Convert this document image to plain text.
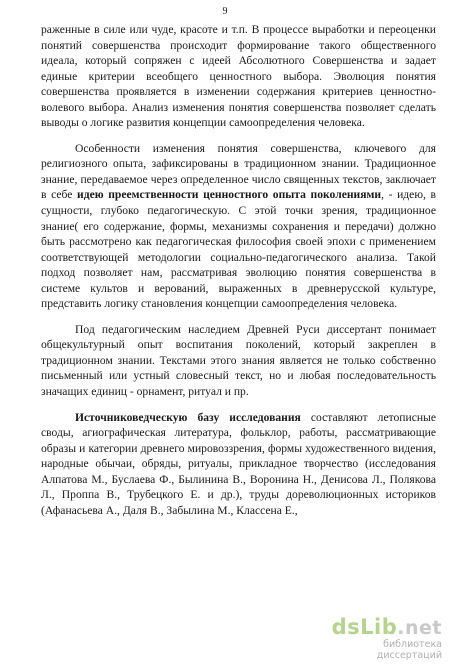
9

раженные в силе или чуде, красоте и т.п. В процессе выработки и переоценки понятий совершенства происходит формирование такого общественного идеала, который сопряжен с идеей Абсолютного Совершенства и задает единые критерии всеобщего ценностного выбора. Эволюция понятия совершенства проявляется в изменении содержания критериев ценностно-волевого выбора. Анализ изменения понятия совершенства позволяет сделать выводы о логике развития концепции самоопределения человека.

Особенности изменения понятия совершенства, ключевого для религиозного опыта, зафиксированы в традиционном знании. Традиционное знание, передаваемое через определенное число священных текстов, заключает в себе идею преемственности ценностного опыта поколениями, - идею, в сущности, глубоко педагогическую. С этой точки зрения, традиционное знание( его содержание, формы, механизмы сохранения и передачи) должно быть рассмотрено как педагогическая философия своей эпохи с применением соответствующей методологии социально-педагогического анализа. Такой подход позволяет нам, рассматривая эволюцию понятия совершенства в системе культов и верований, выраженных в древнерусской культуре, представить логику становления концепции самоопределения человека.

Под педагогическим наследием Древней Руси диссертант понимает общекультурный опыт воспитания поколений, который закреплен в традиционном знании. Текстами этого знания является не только собственно письменный или устный словесный текст, но и любая последовательность значащих единиц - орнамент, ритуал и пр.

Источниковедческую базу исследования составляют летописные своды, агиографическая литература, фольклор, работы, рассматривающие образы и категории древнего мировоззрения, формы художественного видения, народные обычаи, обряды, ритуалы, прикладное творчество (исследования Алпатова М., Буслаева Ф., Былинина В., Воронина Н., Денисова Л., Полякова Л., Проппа В., Трубецкого Е. и др.), труды дореволюционных историков (Афанасьева А., Даля В., Забылина М., Классена Е.,

dsLib.net
библиотека диссертаций
